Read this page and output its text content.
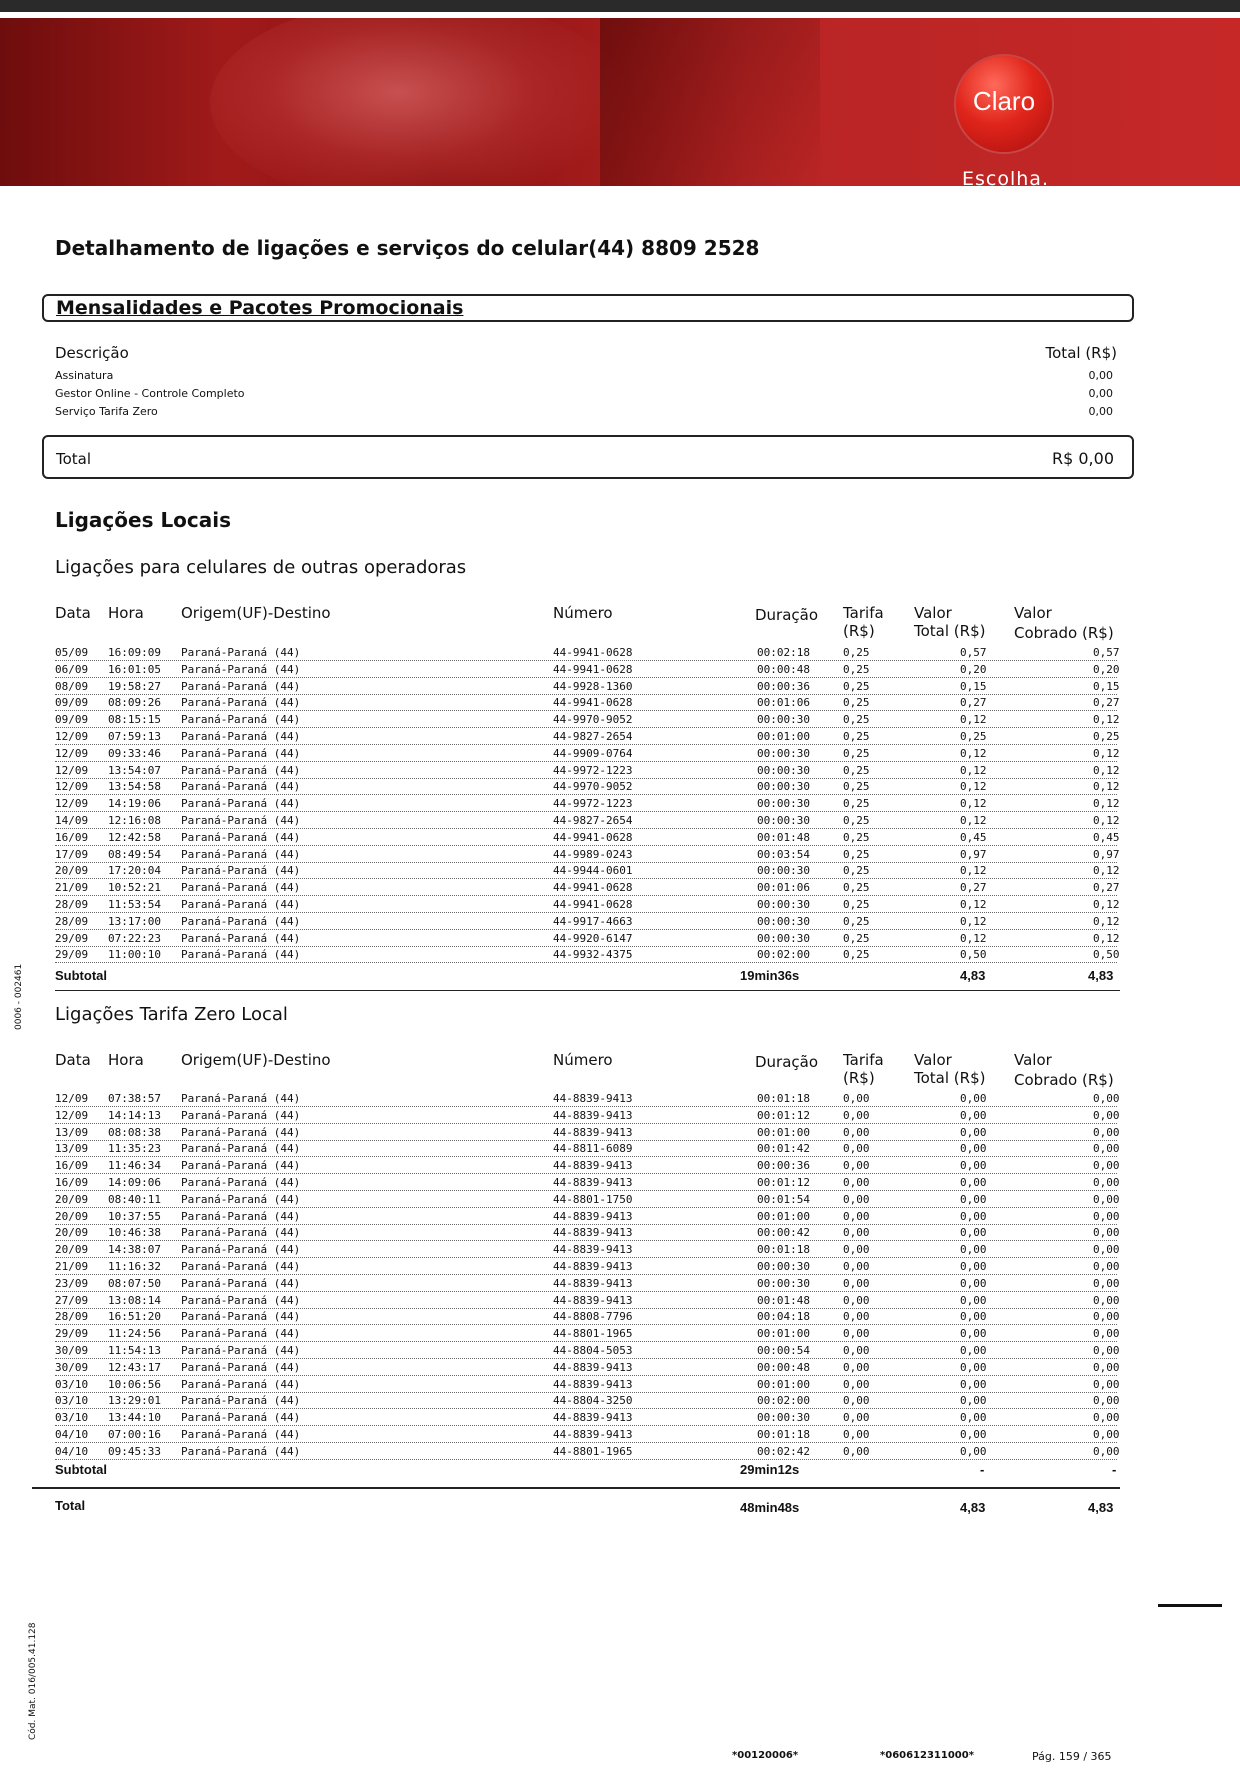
Claro
Escolha.
Detalhamento de ligações e serviços do celular(44) 8809 2528
Mensalidades e Pacotes Promocionais
Descrição	Total (R$)
Assinatura	0,00
Gestor Online - Controle Completo	0,00
Serviço Tarifa Zero	0,00
Total	R$ 0,00
Ligações Locais
Ligações para celulares de outras operadoras
Data Hora Origem(UF)-Destino	Número	Duração Tarifa
(R$)
Valor
Total (R$)
Valor
Cobrado (R$)
05/09 16:09:09 Paraná-Paraná (44)	44-9941-0628	00:02:18	0,25	0,57	0,57
06/09 16:01:05 Paraná-Paraná (44)	44-9941-0628	00:00:48	0,25	0,20	0,20
08/09 19:58:27 Paraná-Paraná (44)	44-9928-1360	00:00:36	0,25	0,15	0,15
09/09 08:09:26 Paraná-Paraná (44)	44-9941-0628	00:01:06	0,25	0,27	0,27
09/09 08:15:15 Paraná-Paraná (44)	44-9970-9052	00:00:30	0,25	0,12	0,12
12/09 07:59:13 Paraná-Paraná (44)	44-9827-2654	00:01:00	0,25	0,25	0,25
12/09 09:33:46 Paraná-Paraná (44)	44-9909-0764	00:00:30	0,25	0,12	0,12
12/09 13:54:07 Paraná-Paraná (44)	44-9972-1223	00:00:30	0,25	0,12	0,12
12/09 13:54:58 Paraná-Paraná (44)	44-9970-9052	00:00:30	0,25	0,12	0,12
12/09 14:19:06 Paraná-Paraná (44)	44-9972-1223	00:00:30	0,25	0,12	0,12
14/09 12:16:08 Paraná-Paraná (44)	44-9827-2654	00:00:30	0,25	0,12	0,12
16/09 12:42:58 Paraná-Paraná (44)	44-9941-0628	00:01:48	0,25	0,45	0,45
17/09 08:49:54 Paraná-Paraná (44)	44-9989-0243	00:03:54	0,25	0,97	0,97
20/09 17:20:04 Paraná-Paraná (44)	44-9944-0601	00:00:30	0,25	0,12	0,12
21/09 10:52:21 Paraná-Paraná (44)	44-9941-0628	00:01:06	0,25	0,27	0,27
28/09 11:53:54 Paraná-Paraná (44)	44-9941-0628	00:00:30	0,25	0,12	0,12
28/09 13:17:00 Paraná-Paraná (44)	44-9917-4663	00:00:30	0,25	0,12	0,12
29/09 07:22:23 Paraná-Paraná (44)	44-9920-6147	00:00:30	0,25	0,12	0,12
29/09 11:00:10 Paraná-Paraná (44)	44-9932-4375	00:02:00	0,25	0,50	0,50
Subtotal	19min36s	4,83	4,83
Ligações Tarifa Zero Local
Data Hora Origem(UF)-Destino	Número	Duração Tarifa
(R$)
Valor
Total (R$)
Valor
Cobrado (R$)
12/09 07:38:57 Paraná-Paraná (44)	44-8839-9413	00:01:18	0,00	0,00	0,00
12/09 14:14:13 Paraná-Paraná (44)	44-8839-9413	00:01:12	0,00	0,00	0,00
13/09 08:08:38 Paraná-Paraná (44)	44-8839-9413	00:01:00	0,00	0,00	0,00
13/09 11:35:23 Paraná-Paraná (44)	44-8811-6089	00:01:42	0,00	0,00	0,00
16/09 11:46:34 Paraná-Paraná (44)	44-8839-9413	00:00:36	0,00	0,00	0,00
16/09 14:09:06 Paraná-Paraná (44)	44-8839-9413	00:01:12	0,00	0,00	0,00
20/09 08:40:11 Paraná-Paraná (44)	44-8801-1750	00:01:54	0,00	0,00	0,00
20/09 10:37:55 Paraná-Paraná (44)	44-8839-9413	00:01:00	0,00	0,00	0,00
20/09 10:46:38 Paraná-Paraná (44)	44-8839-9413	00:00:42	0,00	0,00	0,00
20/09 14:38:07 Paraná-Paraná (44)	44-8839-9413	00:01:18	0,00	0,00	0,00
21/09 11:16:32 Paraná-Paraná (44)	44-8839-9413	00:00:30	0,00	0,00	0,00
23/09 08:07:50 Paraná-Paraná (44)	44-8839-9413	00:00:30	0,00	0,00	0,00
27/09 13:08:14 Paraná-Paraná (44)	44-8839-9413	00:01:48	0,00	0,00	0,00
28/09 16:51:20 Paraná-Paraná (44)	44-8808-7796	00:04:18	0,00	0,00	0,00
29/09 11:24:56 Paraná-Paraná (44)	44-8801-1965	00:01:00	0,00	0,00	0,00
30/09 11:54:13 Paraná-Paraná (44)	44-8804-5053	00:00:54	0,00	0,00	0,00
30/09 12:43:17 Paraná-Paraná (44)	44-8839-9413	00:00:48	0,00	0,00	0,00
03/10 10:06:56 Paraná-Paraná (44)	44-8839-9413	00:01:00	0,00	0,00	0,00
03/10 13:29:01 Paraná-Paraná (44)	44-8804-3250	00:02:00	0,00	0,00	0,00
03/10 13:44:10 Paraná-Paraná (44)	44-8839-9413	00:00:30	0,00	0,00	0,00
04/10 07:00:16 Paraná-Paraná (44)	44-8839-9413	00:01:18	0,00	0,00	0,00
04/10 09:45:33 Paraná-Paraná (44)	44-8801-1965	00:02:42	0,00	0,00	0,00
Subtotal	29min12s	-	-
Total	48min48s	4,83	4,83
0006 - 002461
Cód. Mat. 016/005.41.128
*00120006*	*060612311000*	Pág. 159 / 365
